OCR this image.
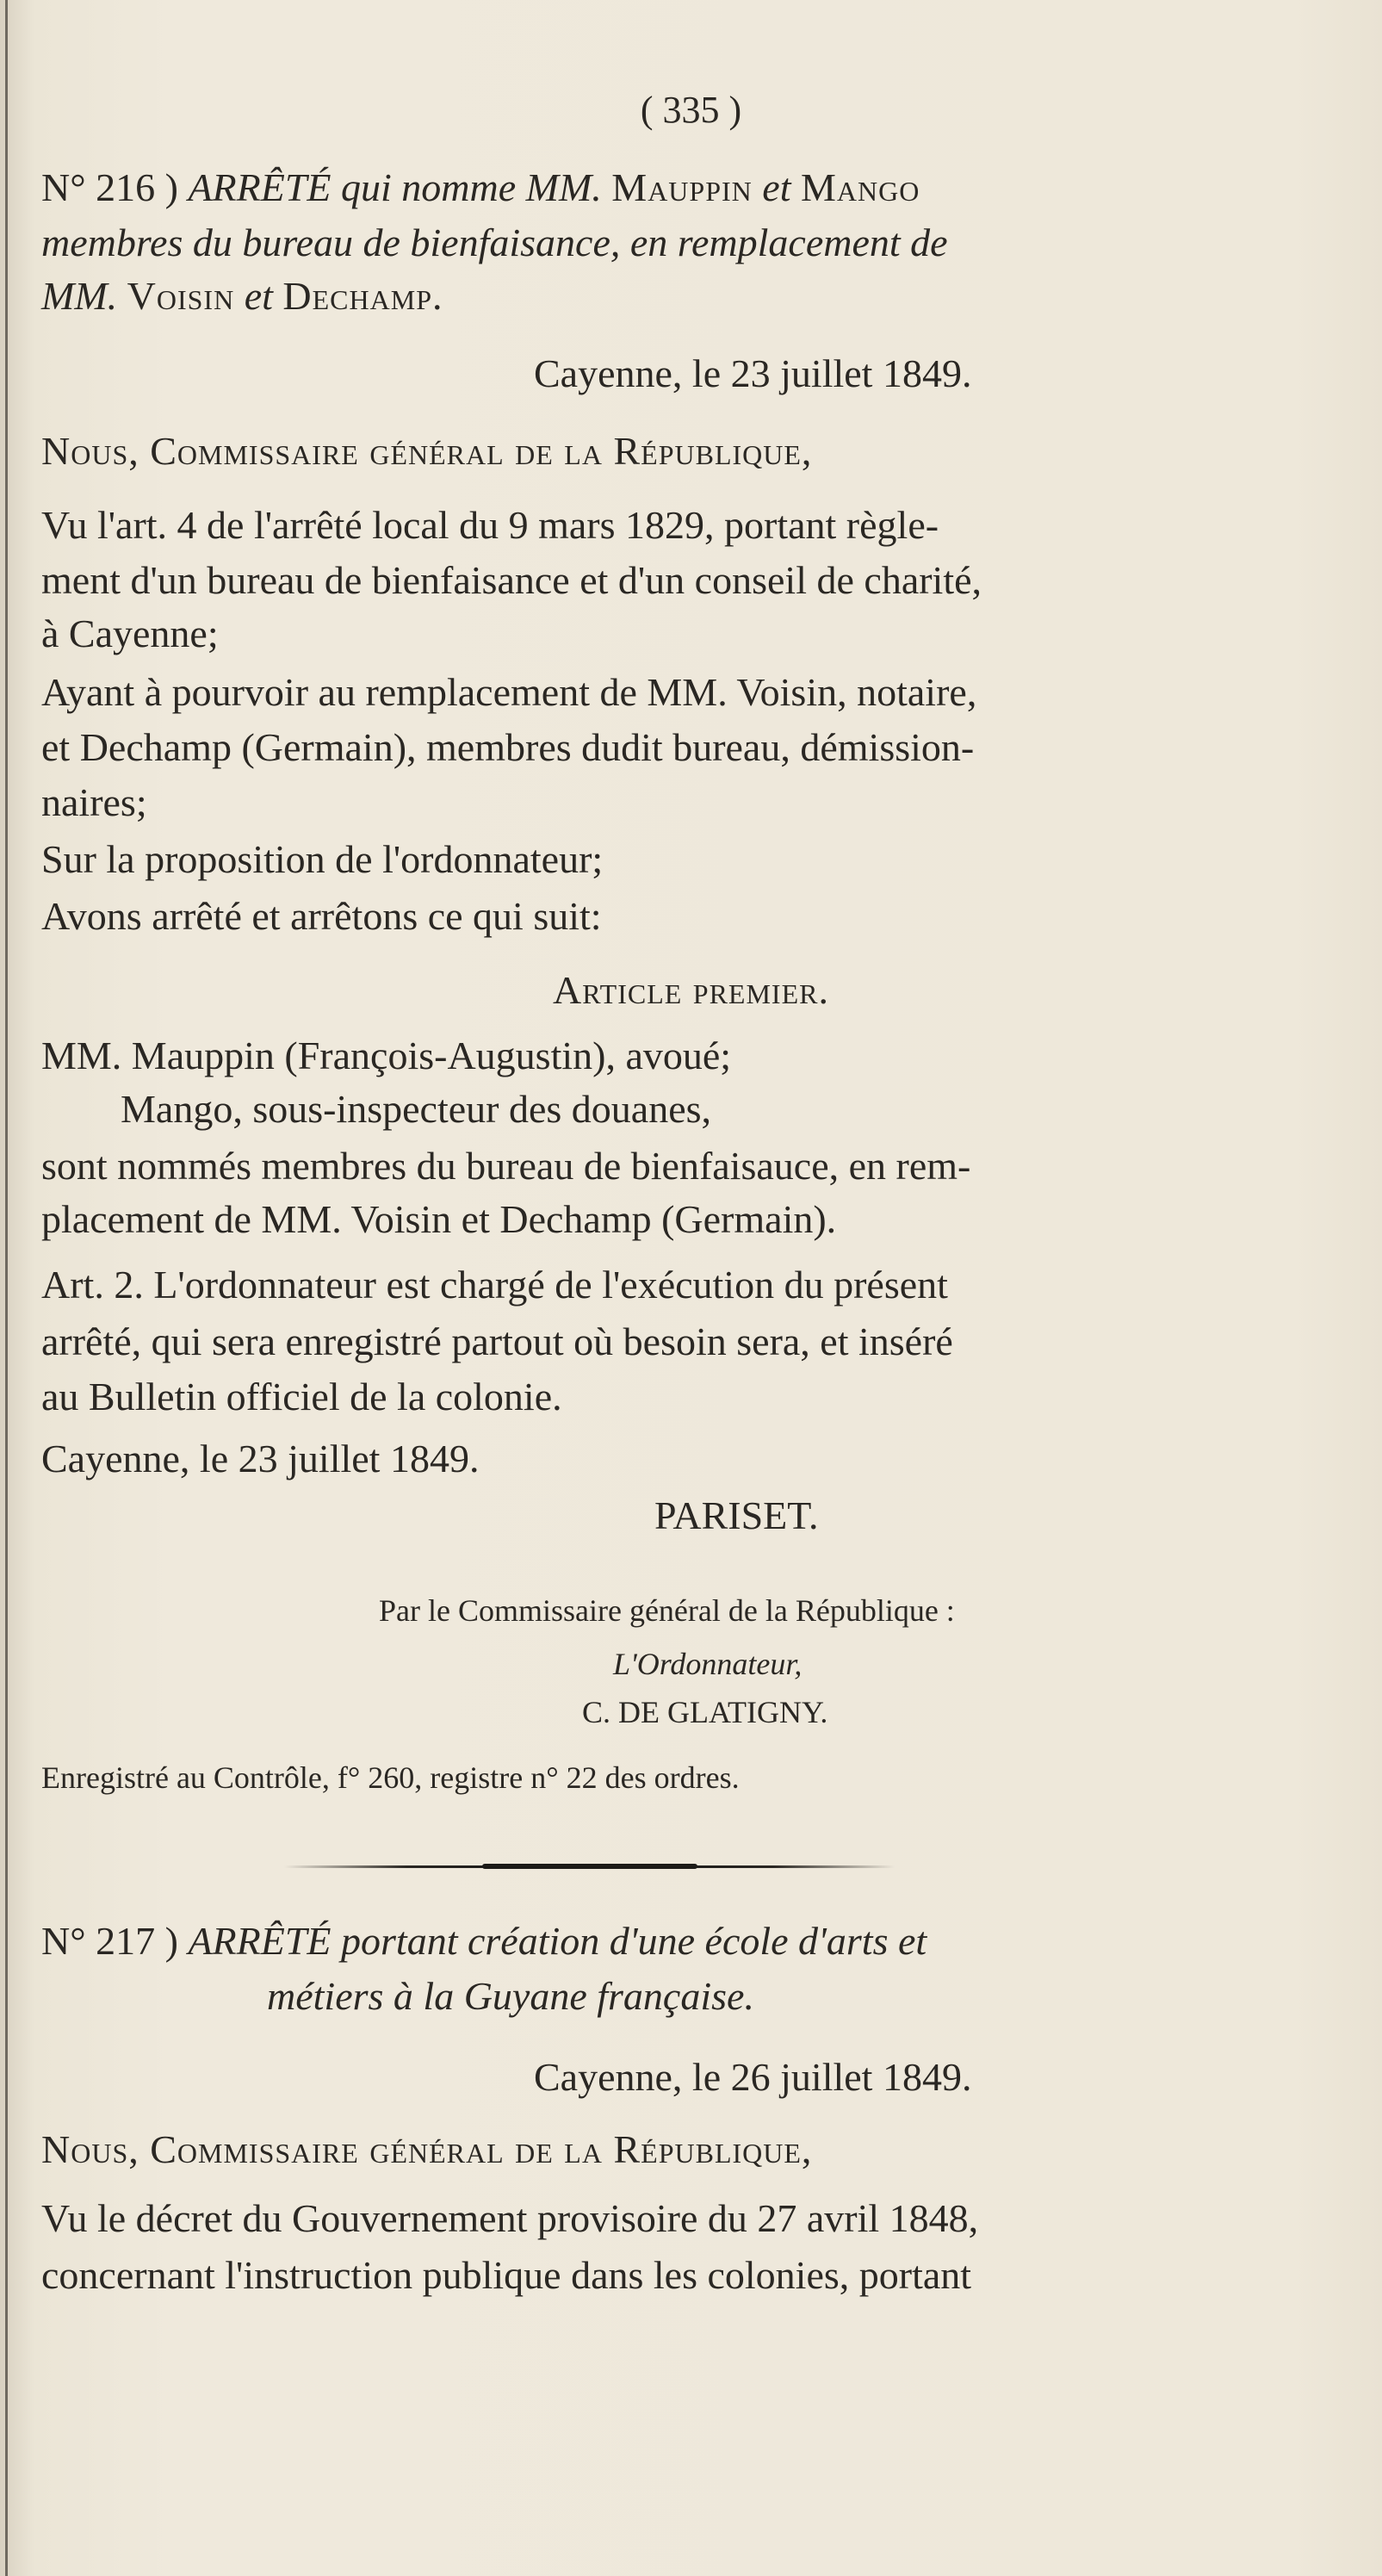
( 335 )
N° 216 ) ARRÊTÉ qui nomme MM. Mauppin et Mango
membres du bureau de bienfaisance, en remplacement de
MM. Voisin et Dechamp.
Cayenne, le 23 juillet 1849.
Nous, Commissaire général de la République,
Vu l'art. 4 de l'arrêté local du 9 mars 1829, portant règle-
ment d'un bureau de bienfaisance et d'un conseil de charité,
à Cayenne;
Ayant à pourvoir au remplacement de MM. Voisin, notaire,
et Dechamp (Germain), membres dudit bureau, démission-
naires;
Sur la proposition de l'ordonnateur;
Avons arrêté et arrêtons ce qui suit:
Article premier.
MM. Mauppin (François-Augustin), avoué;
Mango, sous-inspecteur des douanes,
sont nommés membres du bureau de bienfaisauce, en rem-
placement de MM. Voisin et Dechamp (Germain).
Art. 2. L'ordonnateur est chargé de l'exécution du présent
arrêté, qui sera enregistré partout où besoin sera, et inséré
au Bulletin officiel de la colonie.
Cayenne, le 23 juillet 1849.
PARISET.
Par le Commissaire général de la République :
L'Ordonnateur,
C. DE GLATIGNY.
Enregistré au Contrôle, f° 260, registre n° 22 des ordres.
N° 217 ) ARRÊTÉ portant création d'une école d'arts et
métiers à la Guyane française.
Cayenne, le 26 juillet 1849.
Nous, Commissaire général de la République,
Vu le décret du Gouvernement provisoire du 27 avril 1848,
concernant l'instruction publique dans les colonies, portant
